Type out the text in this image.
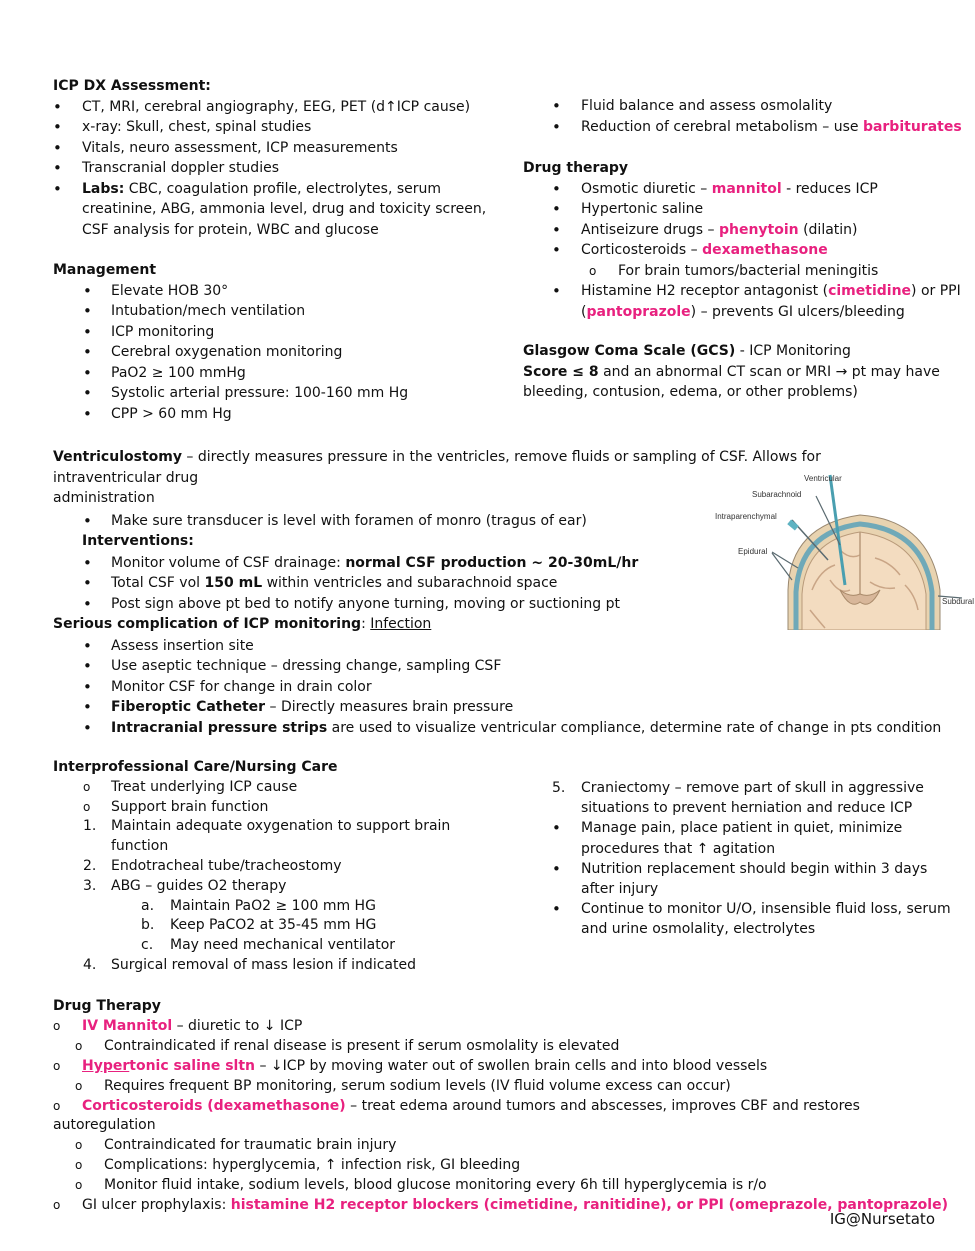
ICP DX Assessment:
• CT, MRI, cerebral angiography, EEG, PET (d↑ICP cause)
• x-ray: Skull, chest, spinal studies
• Vitals, neuro assessment, ICP measurements
• Transcranial doppler studies
• Labs: CBC, coagulation profile, electrolytes, serum
creatinine, ABG, ammonia level, drug and toxicity screen,
CSF analysis for protein, WBC and glucose
Management
• Elevate HOB 30°
• Intubation/mech ventilation
• ICP monitoring
• Cerebral oxygenation monitoring
• PaO2 ≥ 100 mmHg
• Systolic arterial pressure: 100-160 mm Hg
• CPP > 60 mm Hg
• Fluid balance and assess osmolality
• Reduction of cerebral metabolism – use barbiturates
Drug therapy
• Osmotic diuretic – mannitol - reduces ICP
• Hypertonic saline
• Antiseizure drugs – phenytoin (dilatin)
• Corticosteroids – dexamethasone
o For brain tumors/bacterial meningitis
• Histamine H2 receptor antagonist (cimetidine) or PPI
(pantoprazole) – prevents GI ulcers/bleeding
Glasgow Coma Scale (GCS) - ICP Monitoring
Score ≤ 8 and an abnormal CT scan or MRI → pt may have
bleeding, contusion, edema, or other problems)
Ventriculostomy – directly measures pressure in the ventricles, remove fluids or sampling of CSF. Allows for intraventricular drug
administration
• Make sure transducer is level with foramen of monro (tragus of ear)
Interventions:
• Monitor volume of CSF drainage: normal CSF production ~ 20-30mL/hr
• Total CSF vol 150 mL within ventricles and subarachnoid space
• Post sign above pt bed to notify anyone turning, moving or suctioning pt
Ventricular
Subarachnoid
Intraparenchymal
Epidural
Subdural
Serious complication of ICP monitoring: Infection
• Assess insertion site
• Use aseptic technique – dressing change, sampling CSF
• Monitor CSF for change in drain color
• Fiberoptic Catheter – Directly measures brain pressure
• Intracranial pressure strips are used to visualize ventricular compliance, determine rate of change in pts condition
Interprofessional Care/Nursing Care
o Treat underlying ICP cause
o Support brain function
1. Maintain adequate oxygenation to support brain
function
2. Endotracheal tube/tracheostomy
3. ABG – guides O2 therapy
a. Maintain PaO2 ≥ 100 mm HG
b. Keep PaCO2 at 35-45 mm HG
c. May need mechanical ventilator
4. Surgical removal of mass lesion if indicated
5. Craniectomy – remove part of skull in aggressive
situations to prevent herniation and reduce ICP
• Manage pain, place patient in quiet, minimize
procedures that ↑ agitation
• Nutrition replacement should begin within 3 days
after injury
• Continue to monitor U/O, insensible fluid loss, serum
and urine osmolality, electrolytes
Drug Therapy
o IV Mannitol – diuretic to ↓ ICP
o Contraindicated if renal disease is present if serum osmolality is elevated
o Hypertonic saline sltn – ↓ICP by moving water out of swollen brain cells and into blood vessels
o Requires frequent BP monitoring, serum sodium levels (IV fluid volume excess can occur)
o Corticosteroids (dexamethasone) – treat edema around tumors and abscesses, improves CBF and restores autoregulation
o Contraindicated for traumatic brain injury
o Complications: hyperglycemia, ↑ infection risk, GI bleeding
o Monitor fluid intake, sodium levels, blood glucose monitoring every 6h till hyperglycemia is r/o
o GI ulcer prophylaxis: histamine H2 receptor blockers (cimetidine, ranitidine), or PPI (omeprazole, pantoprazole)
IG@Nursetato
